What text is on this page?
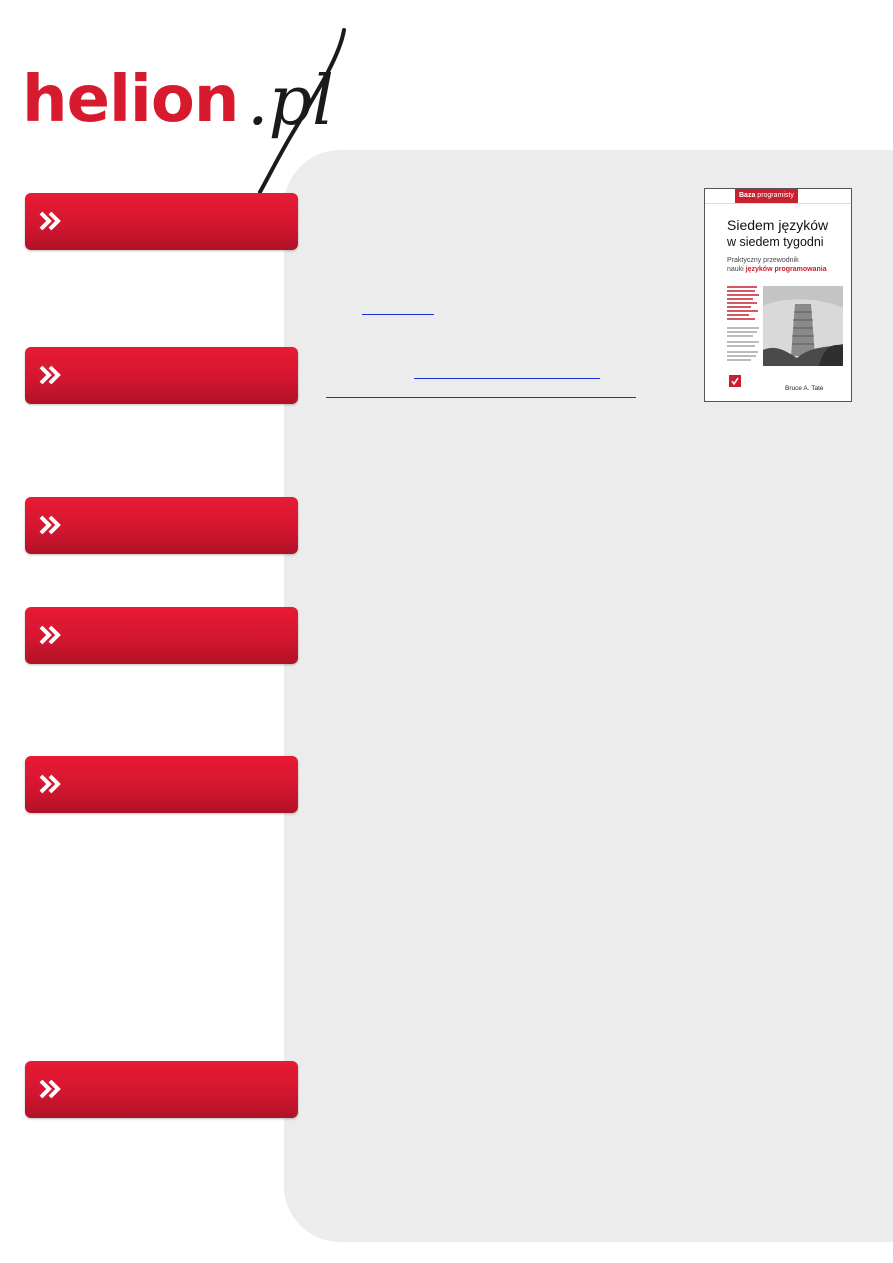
helion .pl
Baza programisty
Siedem języków
w siedem tygodni
Praktyczny przewodnik
nauki języków programowania
Bruce A. Tate
